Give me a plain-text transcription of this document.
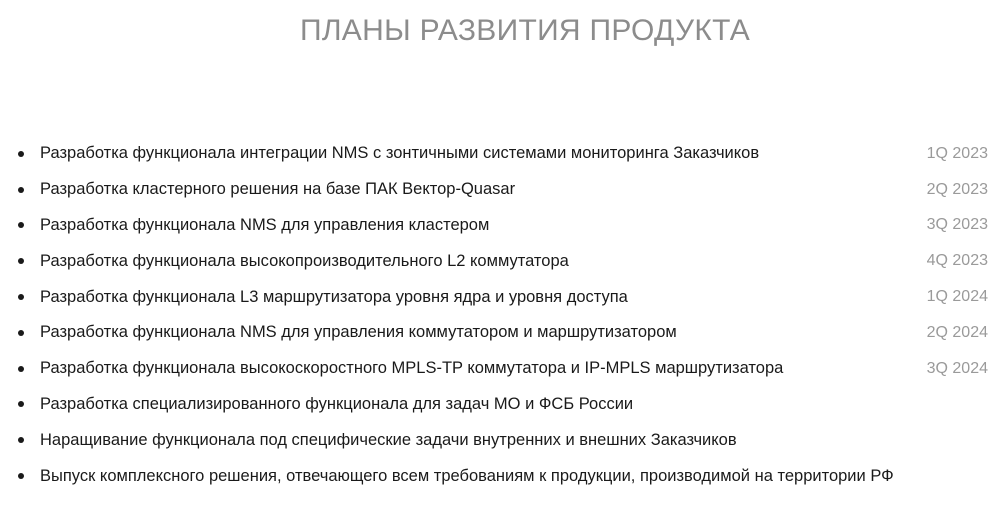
ПЛАНЫ РАЗВИТИЯ ПРОДУКТА
Разработка функционала интеграции NMS с зонтичными системами мониторинга Заказчиков	1Q 2023
Разработка кластерного решения на базе ПАК Вектор-Quasar	2Q 2023
Разработка функционала NMS для управления кластером	3Q 2023
Разработка функционала высокопроизводительного L2 коммутатора	4Q 2023
Разработка функционала L3 маршрутизатора уровня ядра и уровня доступа	1Q 2024
Разработка функционала NMS для управления коммутатором и маршрутизатором	2Q 2024
Разработка функционала высокоскоростного MPLS-TP коммутатора и IP-MPLS маршрутизатора	3Q 2024
Разработка специализированного функционала для задач МО и ФСБ России
Наращивание функционала под специфические задачи внутренних и внешних Заказчиков
Выпуск комплексного решения, отвечающего всем требованиям к продукции, производимой на территории РФ
